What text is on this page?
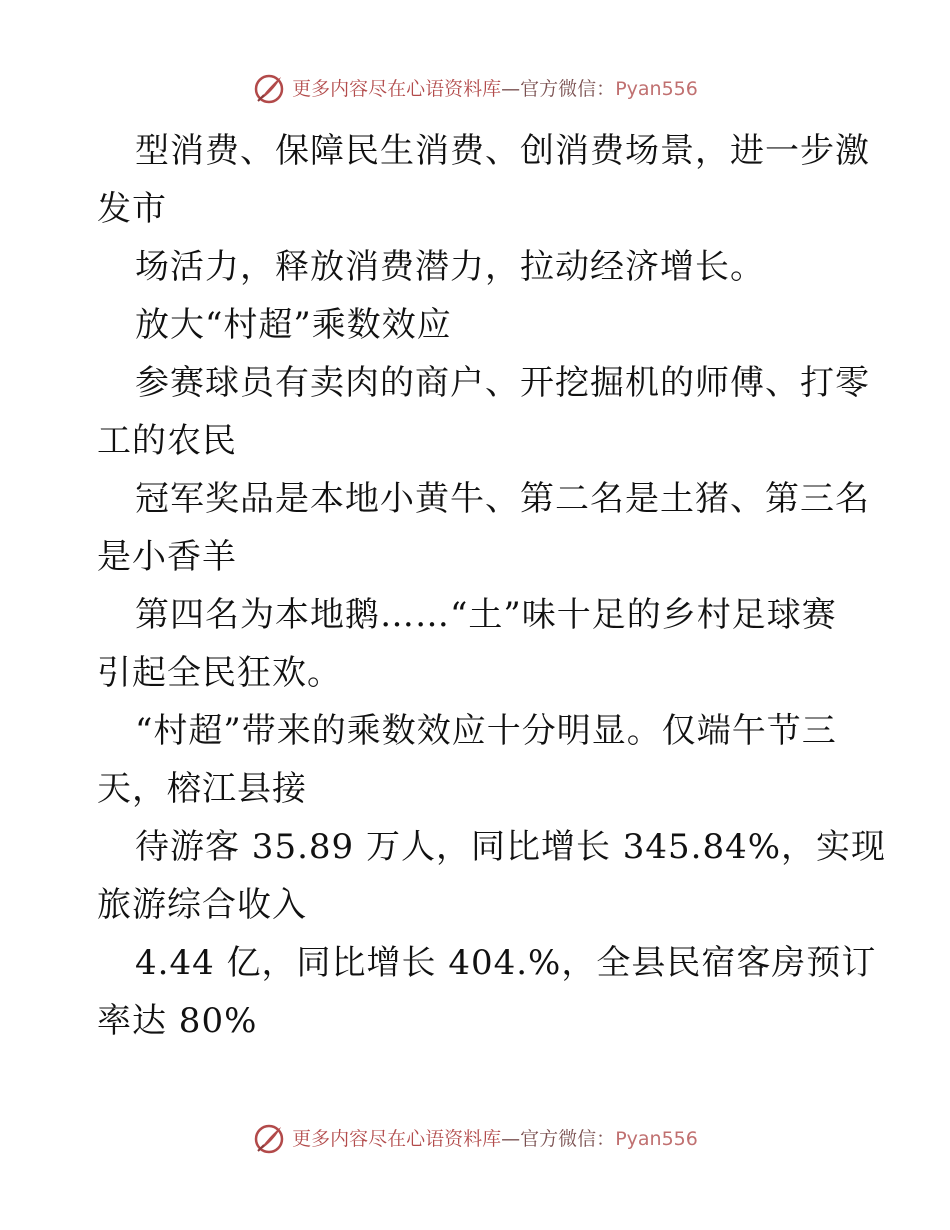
更多内容尽在心语资料库—官方微信：Pyan556
型消费、保障民生消费、创消费场景，进一步激
发市
场活力，释放消费潜力，拉动经济增长。
放大“村超”乘数效应
参赛球员有卖肉的商户、开挖掘机的师傅、打零
工的农民
冠军奖品是本地小黄牛、第二名是土猪、第三名
是小香羊
第四名为本地鹅……“土”味十足的乡村足球赛
引起全民狂欢。
“村超”带来的乘数效应十分明显。仅端午节三
天，榕江县接
待游客 35.89 万人，同比增长 345.84%，实现
旅游综合收入
4.44 亿，同比增长 404.%，全县民宿客房预订
率达 80%
更多内容尽在心语资料库—官方微信：Pyan556
